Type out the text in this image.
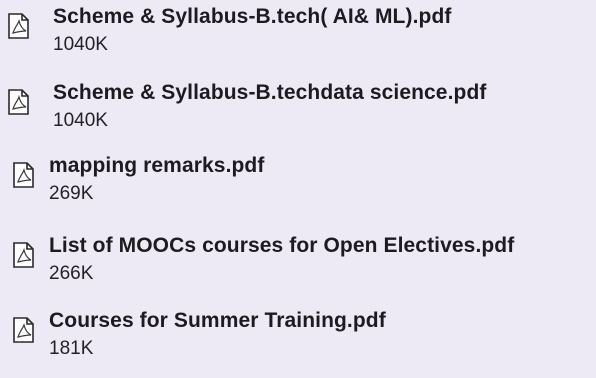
Scheme & Syllabus-B.tech( AI& ML).pdf
1040K
Scheme & Syllabus-B.techdata science.pdf
1040K
mapping remarks.pdf
269K
List of MOOCs courses for Open Electives.pdf
266K
Courses for Summer Training.pdf
181K
